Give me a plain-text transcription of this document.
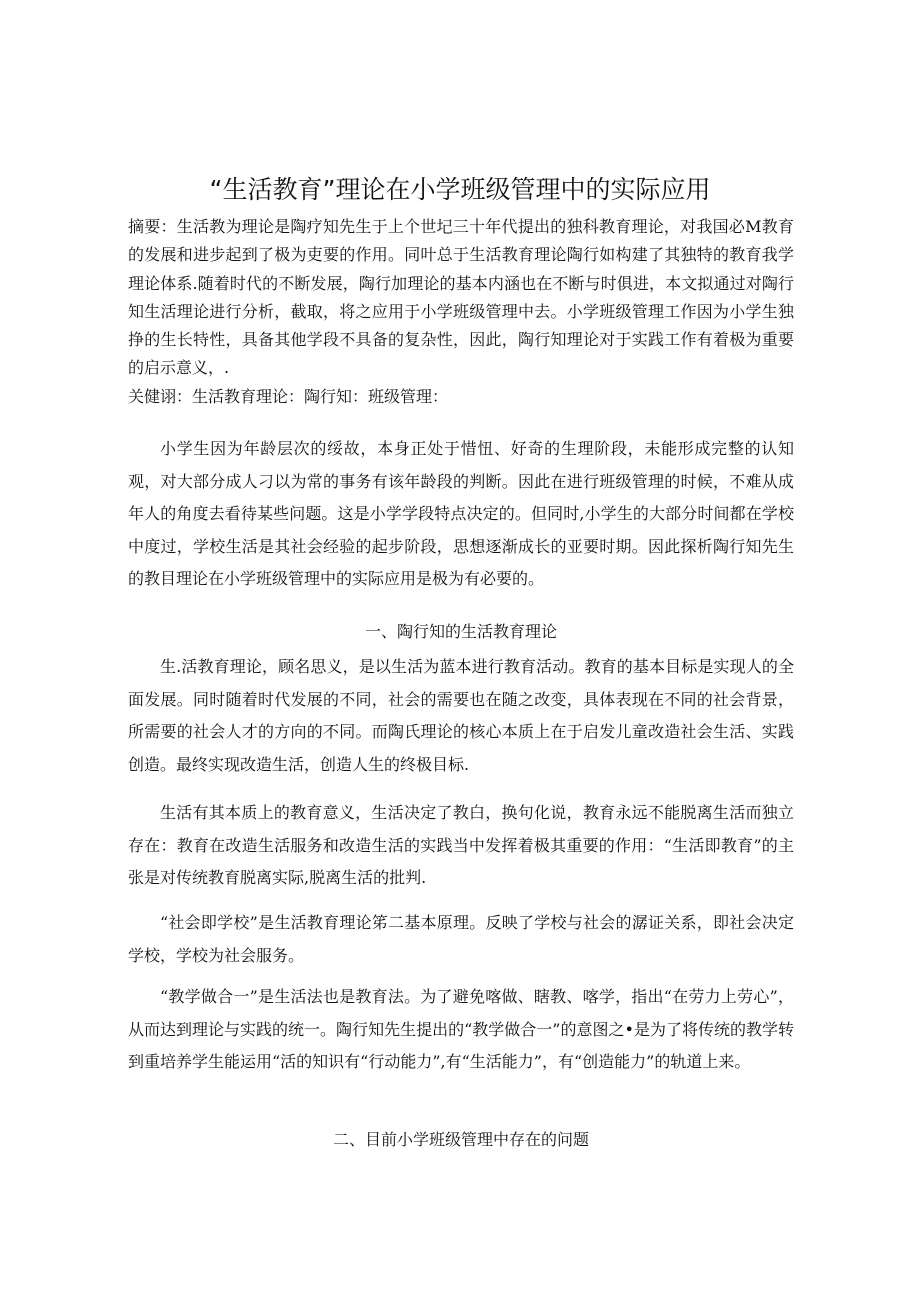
“生活教育”理论在小学班级管理中的实际应用

摘要：生活教为理论是陶疗知先生于上个世圮三十年代提出的独科教育理论，对我国必M教育的发展和进步起到了极为吏要的作用。同叶总于生活教育理论陶行如构建了其独特的教育我学理论体系.随着时代的不断发展，陶行加理论的基本内涵也在不断与时俱进，本文拟通过对陶行知生活理论进行分析，截取，将之应用于小学班级管理中去。小学班级管理工作因为小学生独挣的生长特性，具备其他学段不具备的复杂性，因此，陶行知理论对于实践工作有着极为重要的启示意义，.

关健诩：生活教育理论：陶行知：班级管理：

小学生因为年龄层次的绥故，本身正处于惜忸、好奇的生理阶段，未能形成完整的认知观，对大部分成人刁以为常的事务有该年龄段的判断。因此在进行班级管理的时候，不难从成年人的角度去看待某些问题。这是小学学段特点决定的。但同时,小学生的大部分时间都在学校中度过，学校生活是其社会经验的起步阶段，思想逐渐成长的亚要时期。因此探析陶行知先生的教目理论在小学班级管理中的实际应用是极为有必要的。

一、陶行知的生活教育理论

生.活教育理论，顾名思义，是以生活为蓝本进行教育活动。教育的基本目标是实现人的全面发展。同时随着时代发展的不同，社会的需要也在随之改变，具体表现在不同的社会背景，所需要的社会人才的方向的不同。而陶氏理论的核心本质上在于启发儿童改造社会生活、实践创造。最终实现改造生活，创造人生的终极目标.

生活有其本质上的教育意义，生活决定了教白，换句化说，教育永远不能脱离生活而独立存在：教育在改造生活服务和改造生活的实践当中发挥着极其重要的作用：“生活即教育”的主张是对传统教育脱离实际,脱离生活的批判.

“社会即学校”是生活教育理论笫二基本原理。反映了学校与社会的潺证关系，即社会决定学校，学校为社会服务。

“教学做合一”是生活法也是教育法。为了避免喀做、瞎教、喀学，指出“在劳力上劳心”，从而达到理论与实践的统一。陶行知先生提出的“教学做合一”的意图之•是为了将传统的教学转到重培养学生能运用“活的知识有“行动能力”,有“生活能力”，有“创造能力”的轨道上来。

二、目前小学班级管理中存在的问题
